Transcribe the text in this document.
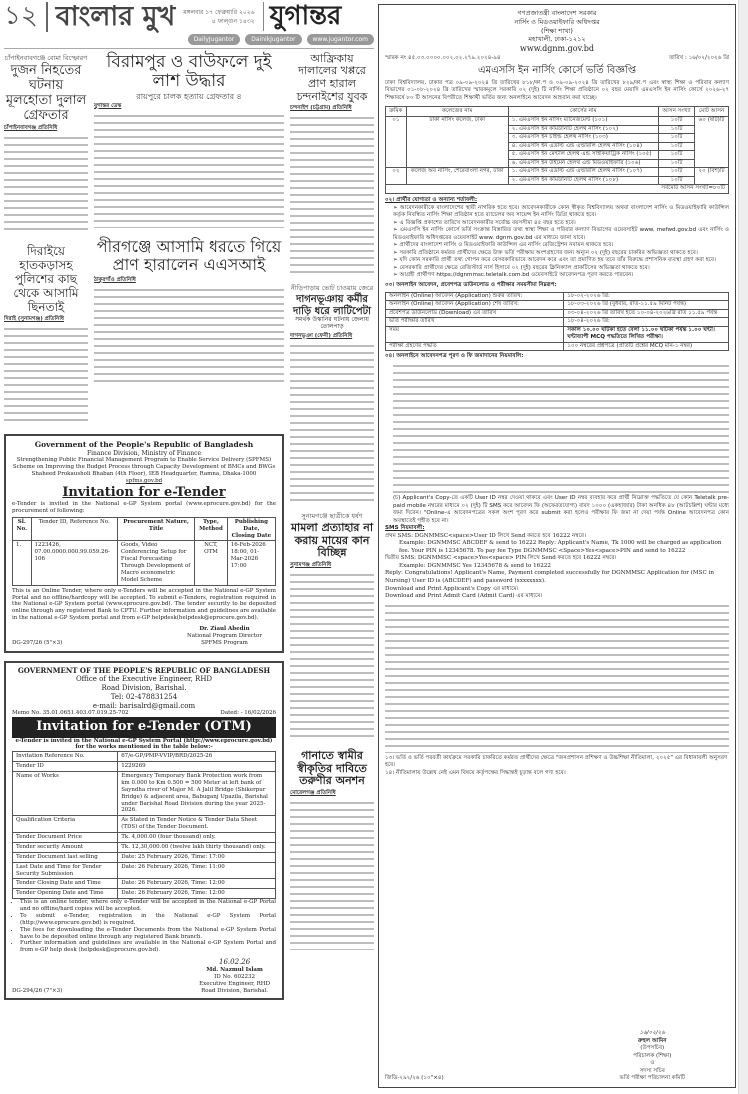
১২ বাংলার মুখ মঙ্গলবার ১৭ ফেব্রুয়ারি ২০২৬
৪ ফাল্গুন ১৪৩২ যুগান্তর
DailyJugantor	DainikJugantor	www.jugantor.com
চাঁপাইনবাবগঞ্জে বোমা বিস্ফোরণ
দুজন নিহতের ঘটনায় মূলহোতা দুলাল গ্রেফতার
চাঁপাইনবাবগঞ্জ প্রতিনিধি
দিরাইয়ে হাতকড়াসহ পুলিশের কাছ থেকে আসামি ছিনতাই
দিরাই (সুনামগঞ্জ) প্রতিনিধি
বিরামপুর ও বাউফলে দুই লাশ উদ্ধার
রায়পুরে চালক হত্যায় গ্রেফতার ৪
যুগান্তর ডেস্ক
পীরগঞ্জে আসামি ধরতে গিয়ে প্রাণ হারালেন এএসআই
ঠাকুরগাঁও প্রতিনিধি
Government of the People's Republic of Bangladesh
Finance Division, Ministry of Finance
Strengthening Public Financial Management Program to Enable Service Delivery (SPFMS) Scheme on Improving the Budget Process through Capacity Development of BMCs and BWGs Shaheed Prokausholi Bhaban (4th Floor), IEB Headquarter, Ramna, Dhaka-1000
spfms.gov.bd
Invitation for e-Tender
e-Tender is invited in the National e-GP System portal (www.eprocure.gov.bd) for the procurement of following:
Sl. No.	Tender ID, Reference No.	Procurement Nature, Title	Type, Method	Publishing Date, Closing Date
1.	1223426, 07.00.0000.000.99.059.26-106	Goods, Video Conferencing Setup for Fiscal Forecasting Through Development of Macro econometric Model Scheme	NCT, OTM	16-Feb-2026 18:00, 01-Mar-2026 17:00
This is an Online Tender, where only e-Tenders will be accepted in the National e-GP System Portal and no offline/hardcopy will be accepted. To submit e-Tenders, registration required in the National e-GP System portal (www.eprocure.gov.bd). The tender security to be deposited online through any registered Bank to CPTU. Further information and guidelines are available in the national e-GP System portal and from e-GP helpdesk(helpdesk@eprocure.gov.bd).
DG-297/26 (5"×3)
Dr. Ziaul Abedin
National Program Director
SPFMS Program
GOVERNMENT OF THE PEOPLE'S REPUBLIC OF BANGLADESH
Office of the Executive Engineer, RHD
Road Division, Barishal.
Tel: 02-478831254
e-mail: barisalrd@gmail.com
Memo No. 35.01.0651.403.07.019.25-702	Dated: - 16/02/2026
Invitation for e-Tender (OTM)
e-Tender is invited in the National e-GP System Portal (http://www.eprocure.gov.bd) for the works mentioned in the table below:-
Invitation Reference No.	67/e-GP/PMP-VVIP/BRD/2025-26
Tender ID	1229269
Name of Works	Emergency Temporary Bank Protection work from km 0.000 to Km 0.500 = 500 Meter at left bank of Sayndha river of Major M. A Jalil Bridge (Shikerpur Bridge) & adjacent area, Babuganj Upazila, Barishal under Barishal Road Division during the year 2025-2026.
Qualification Criteria	As Stated in Tender Notice & Tender Data Sheet (TDS) of the Tender Document.
Tender Document Price	Tk. 4,000.00 (four thousand) only.
Tender security Amount	Tk. 12,30,000.00 (twelve lakh thirty thousand) only.
Tender Document last selling	Date: 25 February 2026, Time: 17:00
Last Date and Time for Tender Security Submission	Date: 26 February 2026, Time: 11:00
Tender Closing Date and Time	Date: 26 February 2026, Time: 12:00
Tender Opening Date and Time	Date: 26 February 2026, Time: 12:00
• This is an online tender, where only e-Tender will be accepted in the National e-GP Portal and no offline/hard copies will be accepted.
• To submit e-Tender, registration in the National e-GP System Portal (http://www.eprocure.gov.bd) is required.
• The fees for downloading the e-Tender Documents from the National e-GP System Portal have to be deposited online through any registered Bank branch.
• Further information and guidelines are available in the National e-GP System Portal and from e-GP help desk (helpdesk@eprocure.gov.bd).
DG-294/26 (7"×3)
16.02.26
Md. Nazmul Islam
ID No. 602232
Executive Engineer, RHD
Road Division, Barishal.
আফ্রিকায় দালালের খপ্পরে প্রাণ হারাল চন্দনাইশের যুবক
চন্দনাইশ (চট্টগ্রাম) প্রতিনিধি
নীড়িপাড়ায় ভোট চাওয়ায় জেরে
দাগনভূঞায় কর্মীর দাড়ি ধরে লাটিপেটা
সমর্থক উস্কানির ঘটনায় জেলায় তোলপাড়
দাগনভূঞা (ফেনী) প্রতিনিধি
সুনামগঞ্জে ছাত্রীকে ধর্ষণ
মামলা প্রত্যাহার না করায় মায়ের কান বিচ্ছিন্ন
সুনামগঞ্জ প্রতিনিধি
গানাতে স্বামীর স্বীকৃতির দাবিতে তরুণীর অনশন
মোরেলগঞ্জ প্রতিনিধি
গণপ্রজাতন্ত্রী বাংলাদেশ সরকার
নার্সিং ও মিডওয়াইফারি অধিদপ্তর
(শিক্ষা শাখা)
মহাখালী, ঢাকা-১২১২
www.dgnm.gov.bd
স্মারক নং ৪৫.০৩.০০০০.০০২.০২.২৭৯.২০২৪-৯৪	তারিখ : ১৬/০২/২০২৬ খ্রি
এমএসসি ইন নার্সিং কোর্সে ভর্তি বিজ্ঞপ্তি
ঢাকা বিশ্ববিদ্যালয়, ঢাকার পত্র ০৯-০৯-২০২৪ খ্রি তারিখের ৮১৮/কা.প ও ০৯-০৯-২০২৪ খ্রি তারিখের ৮২৯/কা.প এবং স্বাস্থ্য শিক্ষা ও পরিবার কল্যাণ বিভাগের ০১-০৮-২০২৪ খ্রি তারিখের স্মারকমূলে সরকারি ০২ (দুই) টি নার্সিং শিক্ষা প্রতিষ্ঠানে ০২ বছর মেয়াদি এমএসসি ইন নার্সিং কোর্সে ২০২৬-২৭ শিক্ষাবর্ষে ৮০ টি আসনের বিপরীতে শিক্ষার্থী ভর্তির জন্য অনলাইনে আবেদন আহবান করা যাচ্ছে।
ক্রমিক	কলেজের নাম	কোর্সের নাম	আসন সংখ্যা	মোট আসন
০১	ঢাকা নার্সিং কলেজ, ঢাকা	১. এমএসসি ইন নার্সিং ম্যানেজমেন্ট (১০১)	১০টি	৬০ (ষাট)টি
		২. এমএসসি ইন কমিউনিটি হেলথ নার্সিং (১০২)	১০টি	
		৩. এমএসসি ইন চাইল্ড হেলথ নার্সিং (১০৩)	১০টি	
		৪. এমএসসি ইন এডাল্ট এন্ড এল্ডারলি হেলথ নার্সিং (১০৪)	১০টি	
		৫. এমএসসি ইন মেন্টাল হেলথ এন্ড সাইকিয়াট্রিক নার্সিং (১০৫)	১০টি	
		৬. এমএসসি ইন উইমেন হেলথ এন্ড মিডওয়াইফারি (১০৬)	১০টি	
০২	কলেজ অব নার্সিং, শেরেবাংলা নগর, ঢাকা	১. এমএসসি ইন এডাল্ট এন্ড এল্ডারলি হেলথ নার্সিং (১০৭)	১০টি	২০ (বিশ)টি
		২. এমএসসি ইন কমিউনিটি হেলথ নার্সিং (১০৮)	১০টি	
সর্বমোট আসন সংখ্যা=৮০টি				
০২। প্রার্থীর যোগ্যতা ও অন্যান্য শর্তাবলী:
➢ আবেদনকারীকে বাংলাদেশের স্থায়ী নাগরিক হতে হবে। আবেদনকারীকে কোন স্বীকৃত বিশ্ববিদ্যালয় অথবা বাংলাদেশ নার্সিং ও মিডওয়াইফারি কাউন্সিল কর্তৃক নিবন্ধিত নার্সিং শিক্ষা প্রতিষ্ঠান হতে ব্যাচেলর অব সায়েন্স ইন নার্সিং ডিগ্রি থাকতে হবে।
➢ এ বিজ্ঞপ্তি প্রকাশের তারিখে আবেদনকারীর সর্বোচ্চ বয়সসীমা ৪৫ বছর হতে হবে।
➢ এমএসসি ইন নার্সিং কোর্সে ভর্তি সংক্রান্ত বিস্তারিত তথ্য স্বাস্থ্য শিক্ষা ও পরিবার কল্যাণ বিভাগের ওয়েবসাইট www. mefwd.gov.bd এবং নার্সিং ও মিডওয়াইফারি অধিদপ্তরের ওয়েবসাইট www. dgnm.gov.bd এর মাধ্যমে জানা যাবে।
➢ প্রার্থীদের বাংলাদেশ নার্সিং ও মিডওয়াইফারি কাউন্সিল এর নার্সিং রেজিস্ট্রেশন নবায়ন থাকতে হবে।
➢ সরকারি প্রতিষ্ঠানে কর্মরত প্রার্থীদের ক্ষেত্রে উক্ত ভর্তি পরীক্ষায় অংশগ্রহণের জন্য অন্যূন ০২ (দুই) বছরের চাকরির অভিজ্ঞতা থাকতে হবে।
➢ যদি কোন সরকারি প্রার্থী তথ্য গোপন করে বেসরকারিভাবে আবেদন করে এবং তা প্রমাণিত হয় তবে তাঁর বিরুদ্ধে প্রশাসনিক ব্যবস্থা গ্রহণ করা হবে।
➢ বেসরকারি প্রার্থীদের ক্ষেত্রে রেজিস্টার্ড নার্স হিসাবে ০২ (দুই) বছরের ক্লিনিক্যাল প্রাকটিসের অভিজ্ঞতা থাকতে হবে।
➢ আগ্রহী প্রার্থীগণ https://dgnmmsc.teletalk.com.bd ওয়েবসাইটে আবেদনপত্র পূরণ করতে পারবেন।
০৩। অনলাইন আবেদন, প্রবেশপত্র ডাউনলোড ও পরীক্ষার সময়সীমা নিম্নরূপ:
অনলাইন (Online) আবেদন (Application) শুরুর তারিখ:	১৮-০২-২০২৬ খ্রি:
অনলাইন (Online) আবেদন (Application) শেষ তারিখ:	১৮-০৩-২০২৬ খ্রি (বুধবার, রাত-১১.৫৯ মিনিট পর্যন্ত)
প্রবেশপত্র ডাউনলোড (Download) এর তারিখ	০৩-০৪-২০২৬ খ্রি তারিখ হতে ১০-০৪-২০২৬খ্রি রাত ১১.৫৯ পর্যন্ত
ভর্তি পরীক্ষার তারিখ	১৮-০৪-২০২৬ খ্রি:
সময়	সকাল ১০.০০ ঘটিকা হতে বেলা ১১.০০ ঘটিকা পর্যন্ত ১.০০ ঘন্টা। ঘন্টাব্যাপী MCQ পদ্ধতিতে লিখিত পরীক্ষা।
পরীক্ষা গ্রহণের পদ্ধতি	১০০ নম্বরের প্রশ্নপত্রে (প্রতিটি প্রশ্নের MCQ মান-১ নম্বর)
০৪। অনলাইনে আবেদনপত্র পূরণ ও ফি জমাদানের নিয়মাবলি:
(চ) Applicant's Copy-তে একটি User ID নম্বর দেওয়া থাকবে এবং User ID নম্বর ব্যবহার করে প্রার্থী নিম্নোক্ত পদ্ধতিতে যে কোন Teletalk pre-paid mobile নম্বরের মাধ্যমে ০২ (দুই) টি SMS করে আবেদন ফি (অফেরতযোগ্য) বাবদ ১০০০ (একহাজার) টাকা অনধিক ৪৮ (আটচল্লিশ) ঘন্টার মধ্যে জমা দিবেন। "Online-এ আবেদনপত্রের সকল অংশ পূরণ করে submit করা হলেও পরীক্ষার ফি জমা না দেয়া পর্যন্ত Online আবেদনপত্র কোন অবস্থাতেই গৃহীত হবে না।
SMS নিয়মাবলী:
প্রথম SMS: DGNMMSC<space>User ID লিখে Send করতে হবে 16222 নম্বরে।
Example: DGNMMSC ABCDEF & send to 16222 Reply: Applicant's Name, Tk 1000 will be charged as application fee. Your PIN is 12345678. To pay fee Type DGNMMSC <Space>Yes<space>PIN and send to 16222
দ্বিতীয় SMS: DGNMMSC <space>Yes<space> PIN লিখে Send করতে হবে 16222 নম্বরে।
Example: DGNMMSC Yes 12345678 & send to 16222
Reply: Congratulations! Applicant's Name, Payment completed successfully for DGNMMSC Application for (MSC in Nursing) User ID is (ABCDEF) and password (xxxxxxxx).
Download and Print Applicant's Copy এর মাধ্যমে।
Download and Print Admit Card (Admit Card) এর মাধ্যমে।
১৩। ভর্তি ও ভর্তি পরবর্তী কার্যক্রমে সরকারি চাকরিতে কর্মরত প্রার্থীদের ক্ষেত্রে "জনপ্রশাসন প্রশিক্ষণ ও উচ্চশিক্ষা নীতিমালা, ২০২৫" এর বিধানাবলী অনুসরণ হবে।
১৪। নীতিমালায় উল্লেখ নেই এমন বিষয়ে কর্তৃপক্ষের সিদ্ধান্তই চূড়ান্ত বলে গণ্য হবে।
জিডি-২৯২/২৬ (১০"×৪)
১৬/০২/২৬
রুহুল আমিন
(উপসচিব)
পরিচালক (শিক্ষা)
ও
সদস্য সচিব
ভর্তি পরীক্ষা পরিচালনা কমিটি
